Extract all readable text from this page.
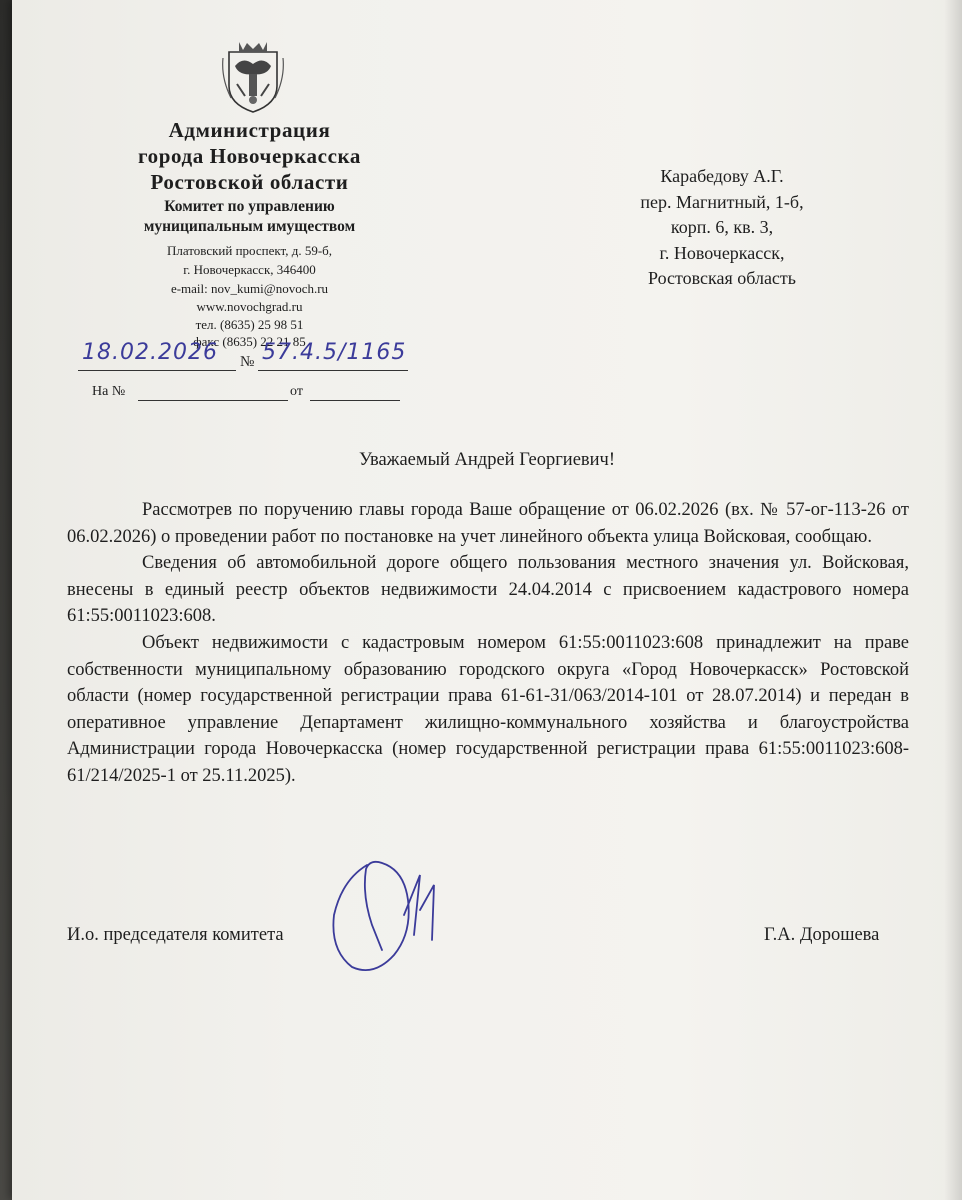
Администрация
города Новочеркасска
Ростовской области
Комитет по управлению
муниципальным имуществом
Платовский проспект, д. 59-б,
г. Новочеркасск, 346400
e-mail: nov_kumi@novoch.ru
www.novochgrad.ru
тел. (8635) 25 98 51
факс (8635) 22 21 85
18.02.2026 № 57.4.5/1165
На №	от
Карабедову А.Г.
пер. Магнитный, 1-б,
корп. 6, кв. 3,
г. Новочеркасск,
Ростовская область
Уважаемый Андрей Георгиевич!

Рассмотрев по поручению главы города Ваше обращение от 06.02.2026 (вх. № 57-ог-113-26 от 06.02.2026) о проведении работ по постановке на учет линейного объекта улица Войсковая, сообщаю.

Сведения об автомобильной дороге общего пользования местного значения ул. Войсковая, внесены в единый реестр объектов недвижимости 24.04.2014 с присвоением кадастрового номера 61:55:0011023:608.

Объект недвижимости с кадастровым номером 61:55:0011023:608 принадлежит на праве собственности муниципальному образованию городского округа «Город Новочеркасск» Ростовской области (номер государственной регистрации права 61-61-31/063/2014-101 от 28.07.2014) и передан в оперативное управление Департамент жилищно-коммунального хозяйства и благоустройства Администрации города Новочеркасска (номер государственной регистрации права 61:55:0011023:608-61/214/2025-1 от 25.11.2025).

И.о. председателя комитета	Г.А. Дорошева
